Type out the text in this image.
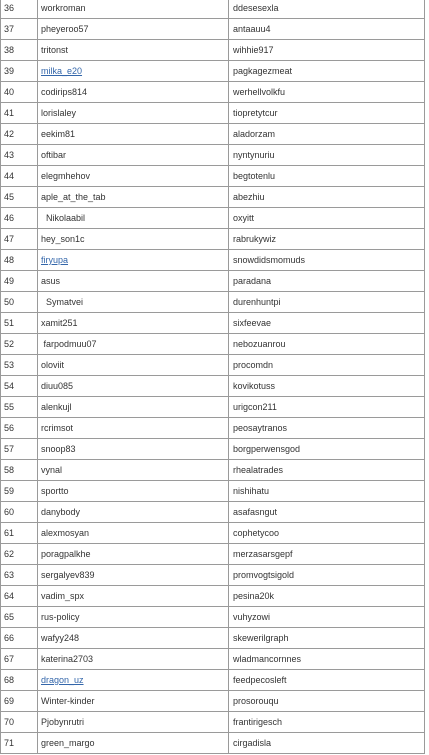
36	workroman	ddesesexla
37	pheyeroo57	antaauu4
38	tritonst	wihhie917
39	milka_e20	pagkagezmeat
40	codirips814	werhellvolkfu
41	lorislaley	tiopretytcur
42	eekim81	aladorzam
43	oftibar	nyntynuriu
44	elegmhehov	begtotenlu
45	aple_at_the_tab	abezhiu
46	Nikolaabil	oxyitt
47	hey_son1c	rabrukywiz
48	firyupa	snowdidsmomuds
49	asus	paradana
50	Symatvei	durenhuntpi
51	xamit251	sixfeevae
52	farpodmuu07	nebozuanrou
53	oloviit	procomdn
54	diuu085	kovikotuss
55	alenkujl	urigcon211
56	rcrimsot	peosaytranos
57	snoop83	borgperwensgod
58	vynal	rhealatrades
59	sportto	nishihatu
60	danybody	asafasngut
61	alexmosyan	cophetycoo
62	poragpalkhe	merzasarsgepf
63	sergalyev839	promvogtsigold
64	vadim_spx	pesina20k
65	rus-policy	vuhyzowi
66	wafyy248	skewerilgraph
67	katerina2703	wladmancornnes
68	dragon_uz	feedpecosleft
69	Winter-kinder	prosorouqu
70	Pjobynrutri	frantirigesch
71	green_margo	cirgadisla
